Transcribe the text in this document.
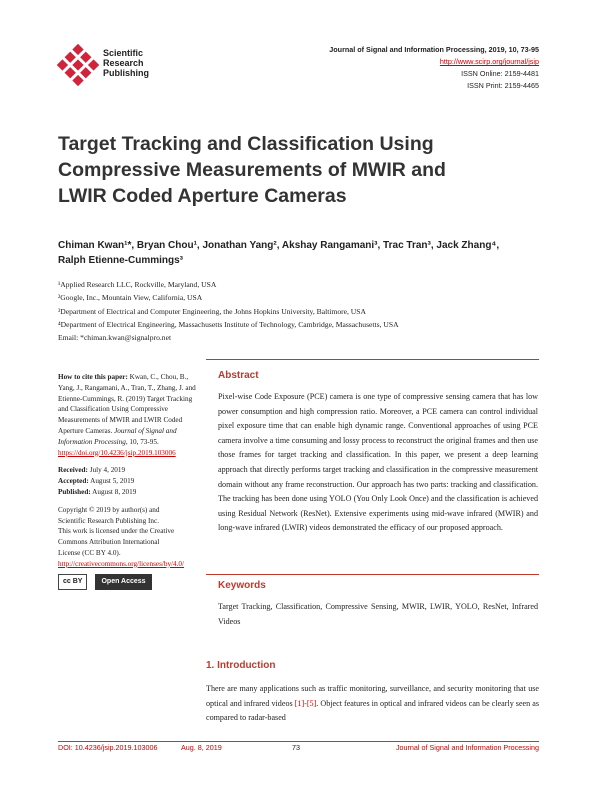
Scientific
Research
Publishing
Journal of Signal and Information Processing, 2019, 10, 73-95
http://www.scirp.org/journal/jsip
ISSN Online: 2159-4481
ISSN Print: 2159-4465
Target Tracking and Classification Using
Compressive Measurements of MWIR and
LWIR Coded Aperture Cameras
Chiman Kwan¹*, Bryan Chou¹, Jonathan Yang², Akshay Rangamani³, Trac Tran³, Jack Zhang⁴,
Ralph Etienne-Cummings³
¹Applied Research LLC, Rockville, Maryland, USA
²Google, Inc., Mountain View, California, USA
³Department of Electrical and Computer Engineering, the Johns Hopkins University, Baltimore, USA
⁴Department of Electrical Engineering, Massachusetts Institute of Technology, Cambridge, Massachusetts, USA
Email: *chiman.kwan@signalpro.net

How to cite this paper: Kwan, C., Chou, B., Yang, J., Rangamani, A., Tran, T., Zhang, J. and Etienne-Cummings, R. (2019) Target Tracking and Classification Using Compressive Measurements of MWIR and LWIR Coded Aperture Cameras. Journal of Signal and Information Processing, 10, 73-95.
https://doi.org/10.4236/jsip.2019.103006

Received: July 4, 2019

Accepted: August 5, 2019

Published: August 8, 2019

Copyright © 2019 by author(s) and

Scientific Research Publishing Inc.

This work is licensed under the Creative

Commons Attribution International

License (CC BY 4.0).

http://creativecommons.org/licenses/by/4.0/

cc BY	Open Access
Abstract
Pixel-wise Code Exposure (PCE) camera is one type of compressive sensing camera that has low power consumption and high compression ratio. Moreover, a PCE camera can control individual pixel exposure time that can enable high dynamic range. Conventional approaches of using PCE camera involve a time consuming and lossy process to reconstruct the original frames and then use those frames for target tracking and classification. In this paper, we present a deep learning approach that directly performs target tracking and classification in the compressive measurement domain without any frame reconstruction. Our approach has two parts: tracking and classification. The tracking has been done using YOLO (You Only Look Once) and the classification is achieved using Residual Network (ResNet). Extensive experiments using mid-wave infrared (MWIR) and long-wave infrared (LWIR) videos demonstrated the efficacy of our proposed approach.
Keywords
Target Tracking, Classification, Compressive Sensing, MWIR, LWIR, YOLO, ResNet, Infrared Videos
1. Introduction
There are many applications such as traffic monitoring, surveillance, and security monitoring that use optical and infrared videos [1]-[5]. Object features in optical and infrared videos can be clearly seen as compared to radar-based
DOI: 10.4236/jsip.2019.103006	Aug. 8, 2019	73	Journal of Signal and Information Processing
